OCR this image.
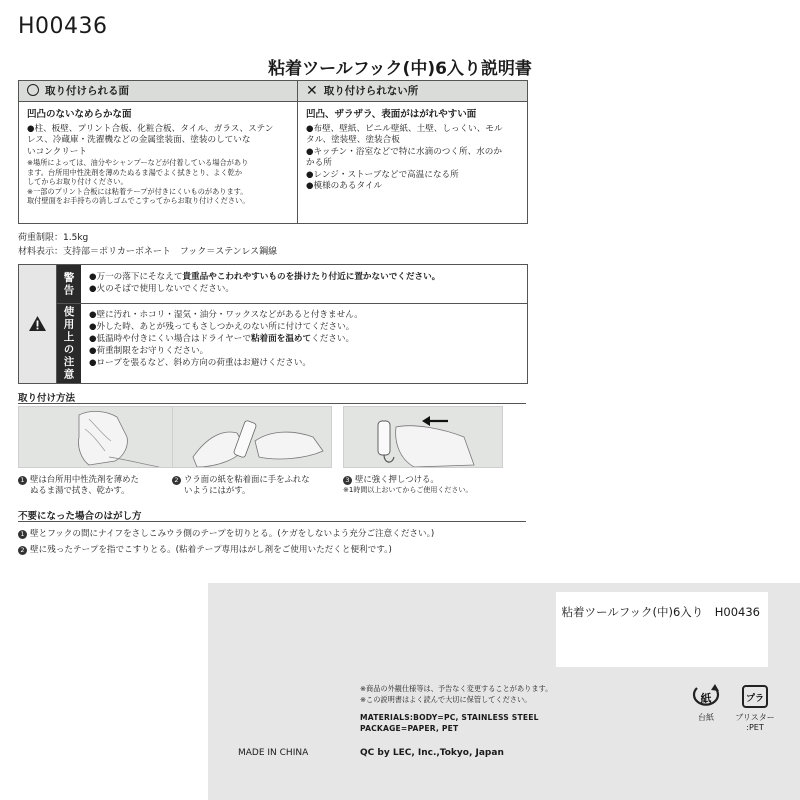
H00436
粘着ツールフック(中)6入り説明書
取り付けられる面	✕ 取り付けられない所
凹凸のないなめらかな面
●柱、板壁、プリント合板、化粧合板、タイル、ガラス、ステン
レス、冷蔵庫・洗濯機などの金属塗装面、塗装のしていな
いコンクリート
※場所によっては、油分やシャンプーなどが付着している場合があり
ます。台所用中性洗剤を薄めたぬるま湯でよく拭きとり、よく乾か
してからお取り付けください。
※一部のプリント合板には粘着テープが付きにくいものがあります。
取付壁面をお手持ちの消しゴムでこすってからお取り付けください。
凹凸、ザラザラ、表面がはがれやすい面
●布壁、壁紙、ビニル壁紙、土壁、しっくい、モル
タル、塗装壁、塗装合板
●キッチン・浴室などで特に水滴のつく所、水のか
かる所
●レンジ・ストーブなどで高温になる所
●模様のあるタイル
荷重制限：1.5kg
材料表示：支持部＝ポリカーボネート　フック＝ステンレス鋼線
警告
使用上の注意
●万一の落下にそなえて貴重品やこわれやすいものを掛けたり付近に置かないでください。
●火のそばで使用しないでください。
●壁に汚れ・ホコリ・湿気・油分・ワックスなどがあると付きません。
●外した時、あとが残ってもさしつかえのない所に付けてください。
●低温時や付きにくい場合はドライヤーで粘着面を温めてください。
●荷重制限をお守りください。
●ロープを張るなど、斜め方向の荷重はお避けください。
取り付け方法
1 壁は台所用中性洗剤を薄めた
ぬるま湯で拭き、乾かす。
2 ウラ面の紙を粘着面に手をふれな
いようにはがす。
3 壁に強く押しつける。
※1時間以上おいてからご使用ください。
不要になった場合のはがし方
1 壁とフックの間にナイフをさしこみウラ側のテープを切りとる。(ケガをしないよう充分ご注意ください。)
2 壁に残ったテープを指でこすりとる。(粘着テープ専用はがし剤をご使用いただくと便利です。)
粘着ツールフック(中)6入り　H00436
※商品の外観仕様等は、予告なく変更することがあります。
※この説明書はよく読んで大切に保管してください。
MATERIALS:BODY=PC, STAINLESS STEEL
PACKAGE=PAPER, PET
MADE IN CHINA	QC by LEC, Inc.,Tokyo, Japan
紙
台紙
プラ
ブリスター
:PET
